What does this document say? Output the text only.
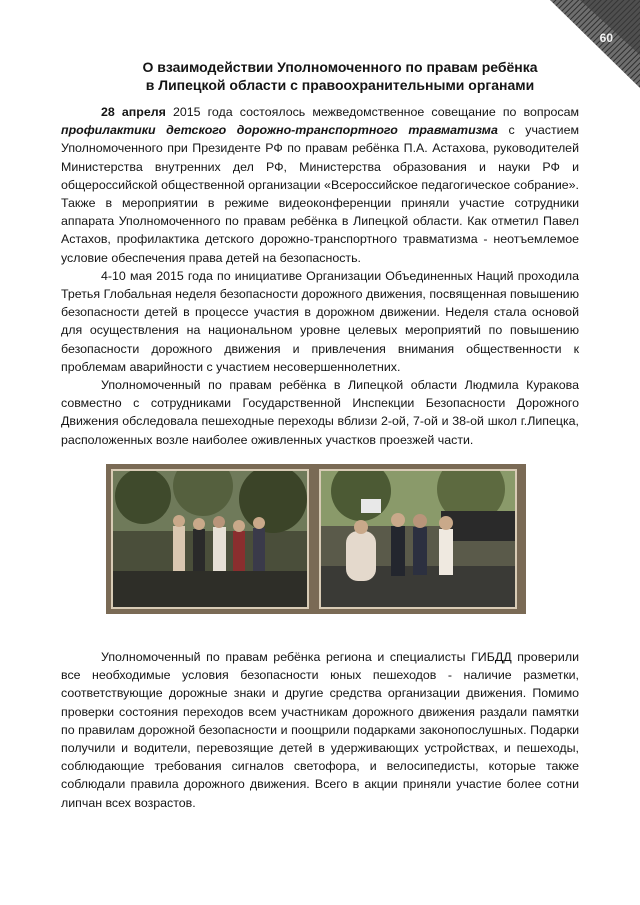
60
О взаимодействии Уполномоченного по правам ребёнка
в Липецкой области с правоохранительными органами

28 апреля 2015 года состоялось межведомственное совещание по вопросам профилактики детского дорожно-транспортного травматизма с участием Уполномоченного при Президенте РФ по правам ребёнка П.А. Астахова, руководителей Министерства внутренних дел РФ, Министерства образования и науки РФ и общероссийской общественной организации «Всероссийское педагогическое собрание». Также в мероприятии в режиме видеоконференции приняли участие сотрудники аппарата Уполномоченного по правам ребёнка в Липецкой области. Как отметил Павел Астахов, профилактика детского дорожно-транспортного травматизма - неотъемлемое условие обеспечения права детей на безопасность.

4-10 мая 2015 года по инициативе Организации Объединенных Наций проходила Третья Глобальная неделя безопасности дорожного движения, посвященная повышению безопасности детей в процессе участия в дорожном движении. Неделя стала основой для осуществления на национальном уровне целевых мероприятий по повышению безопасности дорожного движения и привлечения внимания общественности к проблемам аварийности с участием несовершеннолетних.

Уполномоченный по правам ребёнка в Липецкой области Людмила Куракова совместно с сотрудниками Государственной Инспекции Безопасности Дорожного Движения обследовала пешеходные переходы вблизи 2-ой, 7-ой и 38-ой школ г.Липецка, расположенных возле наиболее оживленных участков проезжей части.

Уполномоченный по правам ребёнка региона и специалисты ГИБДД проверили все необходимые условия безопасности юных пешеходов - наличие разметки, соответствующие дорожные знаки и другие средства организации движения. Помимо проверки состояния переходов всем участникам дорожного движения раздали памятки по правилам дорожной безопасности и поощрили подарками законопослушных. Подарки получили и водители, перевозящие детей в удерживающих устройствах, и пешеходы, соблюдающие требования сигналов светофора, и велосипедисты, которые также соблюдали правила дорожного движения. Всего в акции приняли участие более сотни липчан всех возрастов.
